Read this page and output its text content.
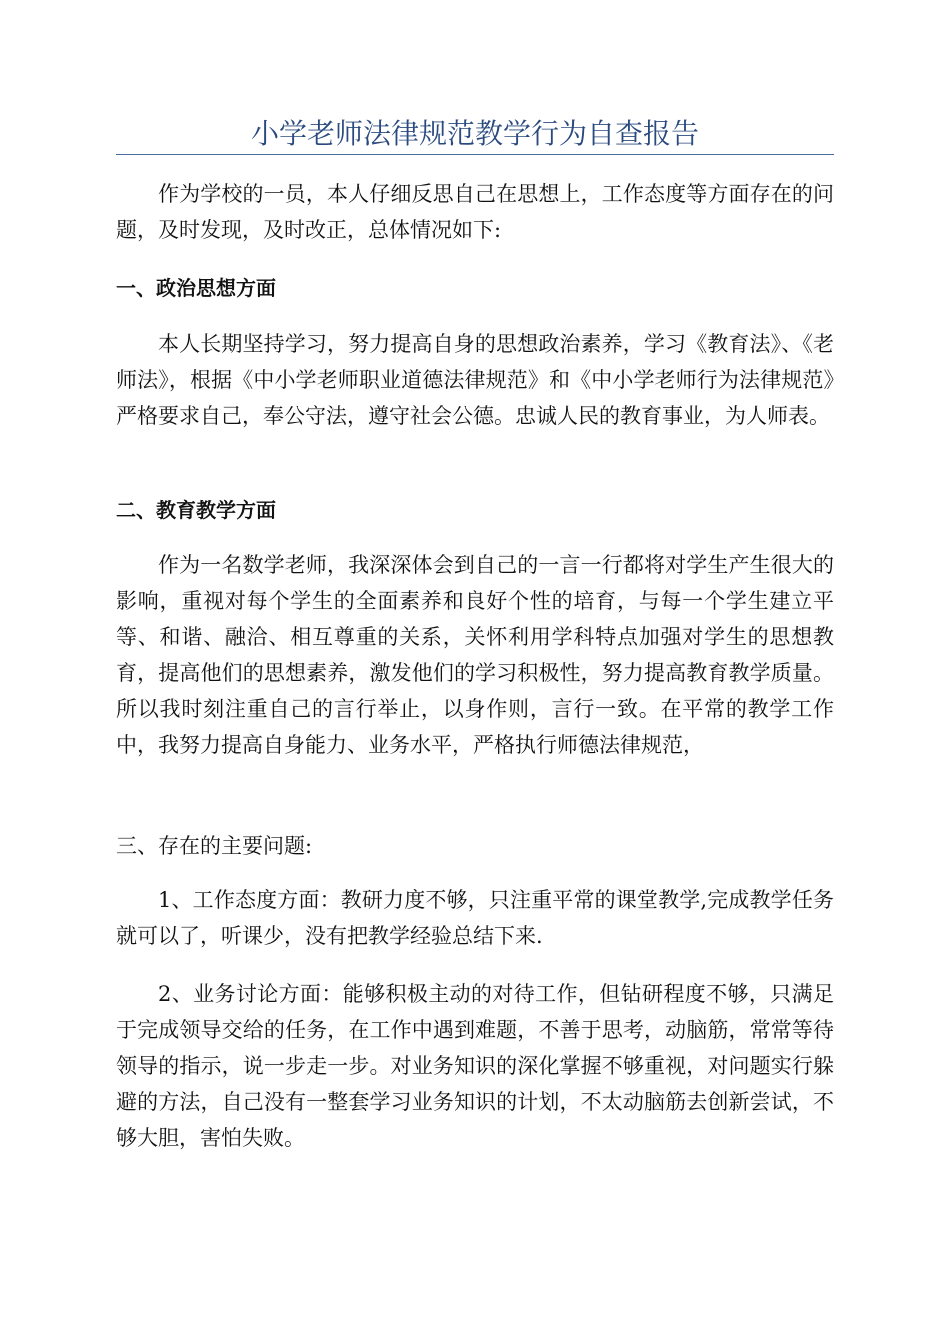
小学老师法律规范教学行为自查报告

作为学校的一员，本人仔细反思自己在思想上，工作态度等方面存在的问题，及时发现，及时改正，总体情况如下:

一、政治思想方面

本人长期坚持学习，努力提高自身的思想政治素养，学习《教育法》、《老师法》，根据《中小学老师职业道德法律规范》和《中小学老师行为法律规范》严格要求自己，奉公守法，遵守社会公德。忠诚人民的教育事业，为人师表。

二、教育教学方面

作为一名数学老师，我深深体会到自己的一言一行都将对学生产生很大的影响，重视对每个学生的全面素养和良好个性的培育，与每一个学生建立平等、和谐、融洽、相互尊重的关系，关怀利用学科特点加强对学生的思想教育，提高他们的思想素养，激发他们的学习积极性，努力提高教育教学质量。所以我时刻注重自己的言行举止，以身作则，言行一致。在平常的教学工作中，我努力提高自身能力、业务水平，严格执行师德法律规范，

三、存在的主要问题:

1、工作态度方面：教研力度不够，只注重平常的课堂教学,完成教学任务就可以了，听课少，没有把教学经验总结下来.

2、业务讨论方面：能够积极主动的对待工作，但钻研程度不够，只满足于完成领导交给的任务，在工作中遇到难题，不善于思考，动脑筋，常常等待领导的指示，说一步走一步。对业务知识的深化掌握不够重视，对问题实行躲避的方法，自己没有一整套学习业务知识的计划，不太动脑筋去创新尝试，不够大胆，害怕失败。
